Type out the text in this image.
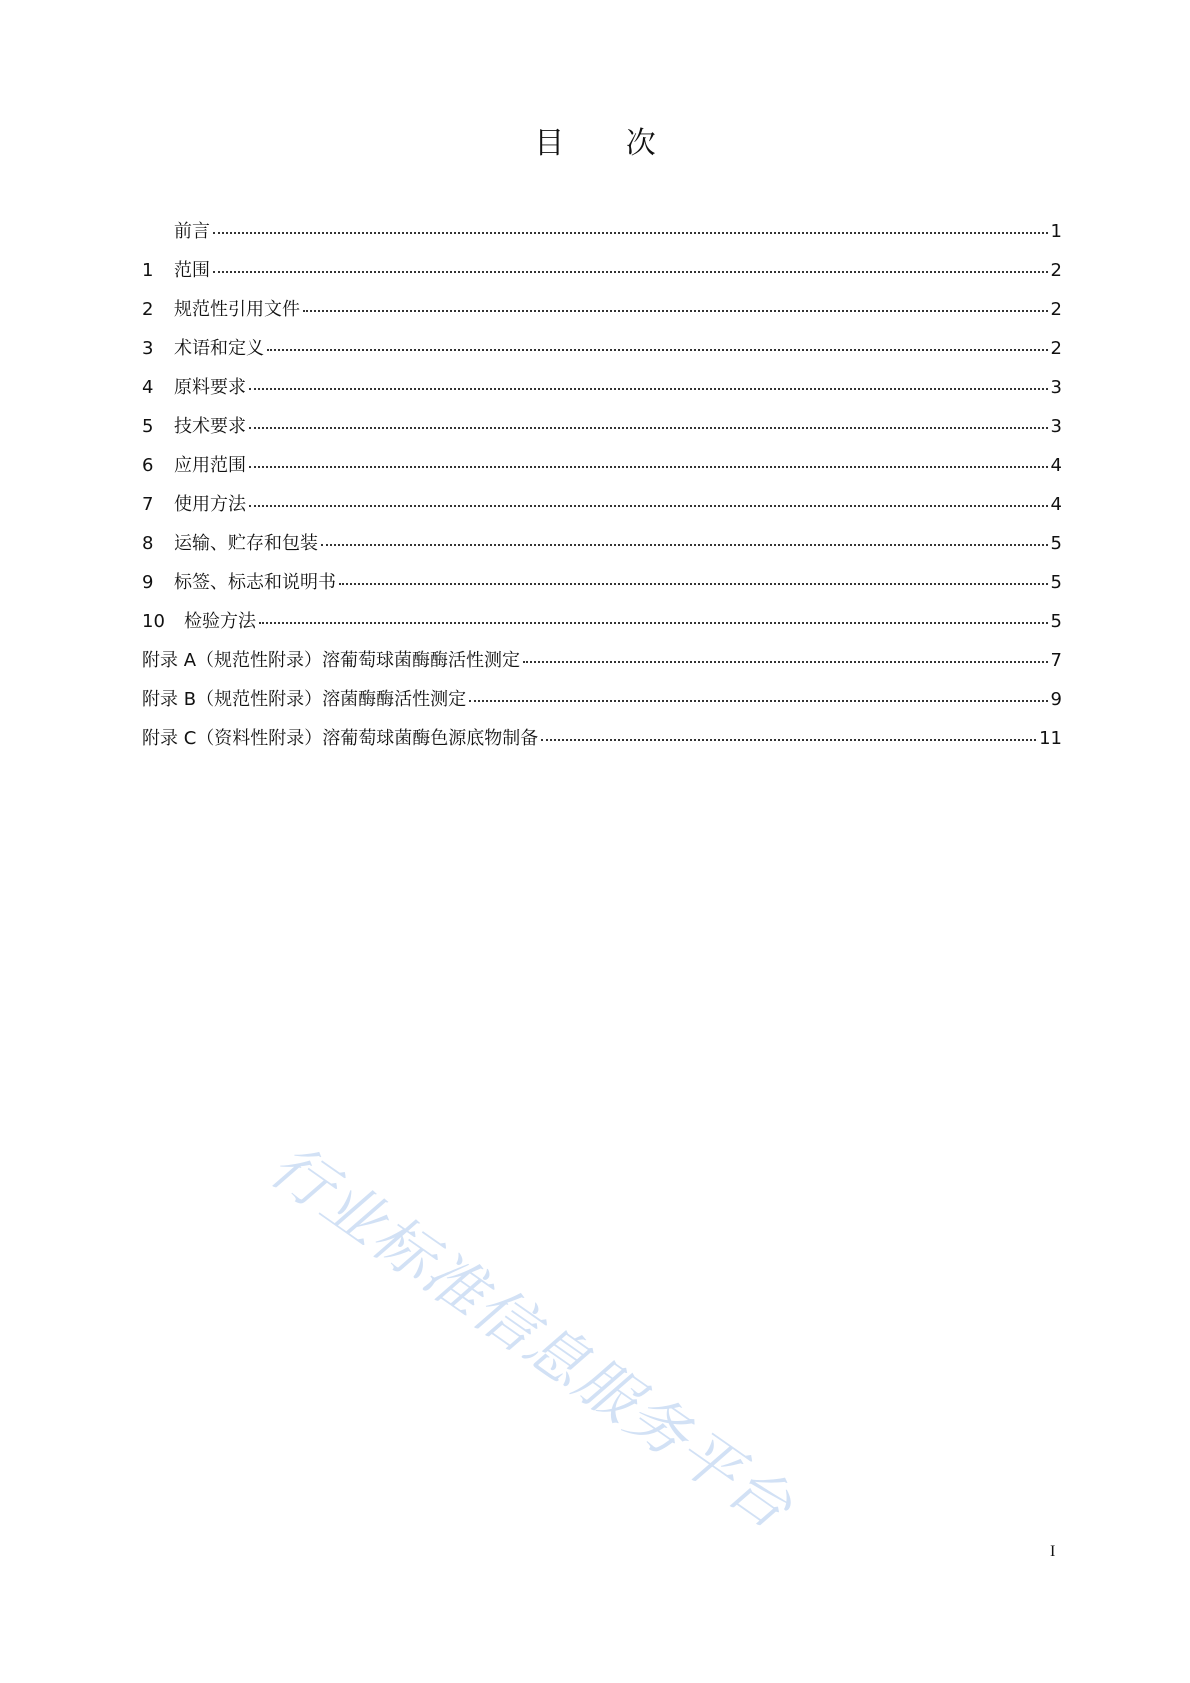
目 次
前言	1
1	范围	2
2	规范性引用文件	2
3	术语和定义	2
4	原料要求	3
5	技术要求	3
6	应用范围	4
7	使用方法	4
8	运输、贮存和包装	5
9	标签、标志和说明书	5
10	检验方法	5
附录 A（规范性附录）溶葡萄球菌酶酶活性测定	7
附录 B（规范性附录）溶菌酶酶活性测定	9
附录 C（资料性附录）溶葡萄球菌酶色源底物制备	11
行业标准信息服务平台
I
